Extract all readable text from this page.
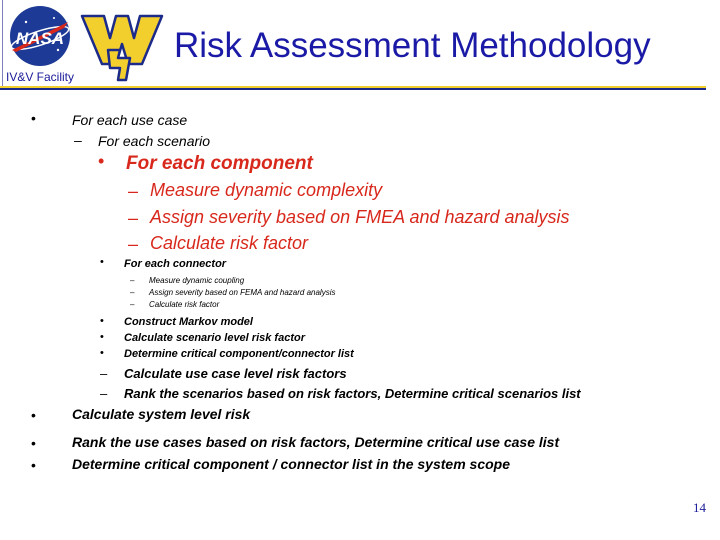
NASA	Risk Assessment Methodology
IV&V Facility
•	For each use case
– For each scenario
• For each component
– Measure dynamic complexity
– Assign severity based on FMEA and hazard analysis
– Calculate risk factor
• For each connector
– Measure dynamic coupling
– Assign severity based on FEMA and hazard analysis
– Calculate risk factor
• Construct Markov model
• Calculate scenario level risk factor
• Determine critical component/connector list
– Calculate use case level risk factors
– Rank the scenarios based on risk factors, Determine critical scenarios list
•	Calculate system level risk
•	Rank the use cases based on risk factors, Determine critical use case list
•	Determine critical component / connector list in the system scope
14
